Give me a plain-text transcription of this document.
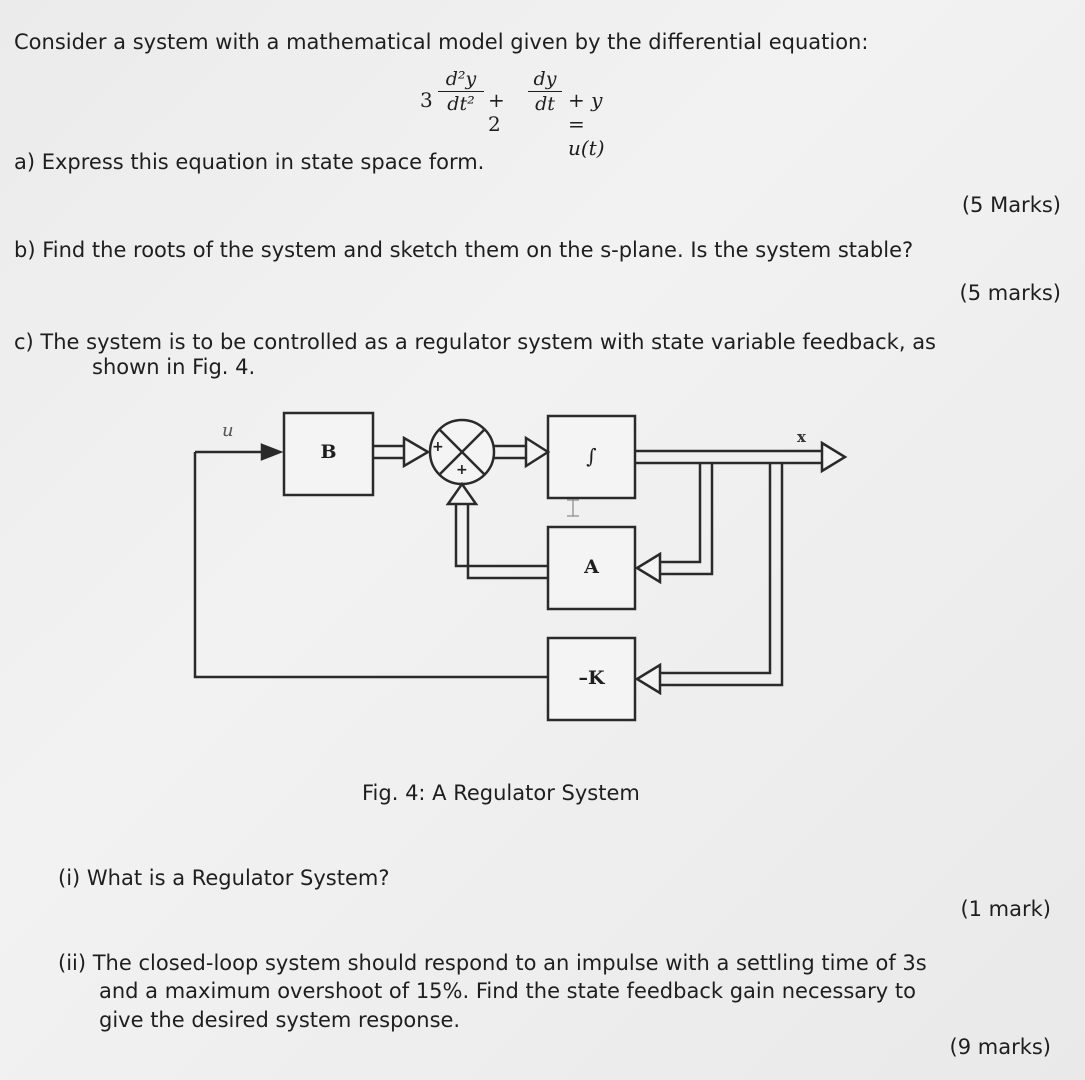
Consider a system with a mathematical model given by the differential equation:
3
d²y
dt² + 2
dy
dt + y = u(t)
a) Express this equation in state space form.
(5 Marks)
b) Find the roots of the system and sketch them on the s-plane. Is the system stable?
(5 marks)
c) The system is to be controlled as a regulator system with state variable feedback, as
shown in Fig. 4.
u	x
B	∫
A
–K
+
+
Fig. 4: A Regulator System
(i) What is a Regulator System?
(1 mark)
(ii) The closed-loop system should respond to an impulse with a settling time of 3s
and a maximum overshoot of 15%. Find the state feedback gain necessary to
give the desired system response.
(9 marks)
